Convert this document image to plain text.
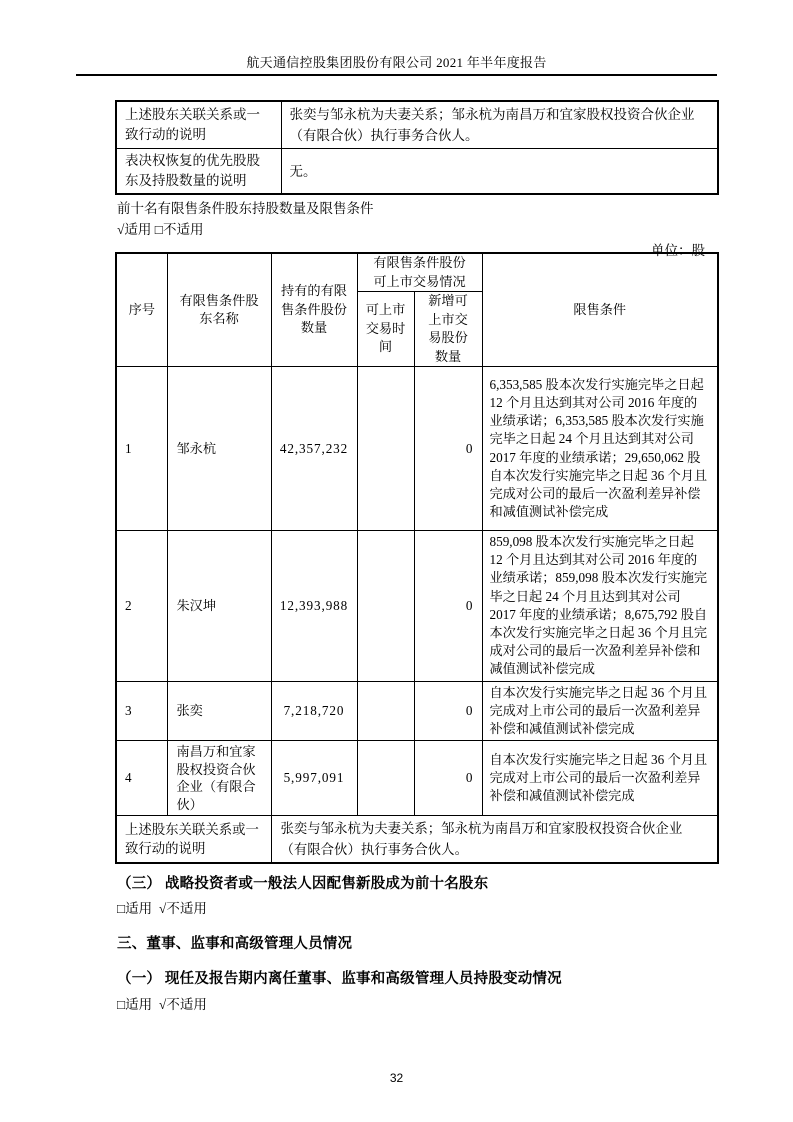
航天通信控股集团股份有限公司 2021 年半年度报告
上述股东关联关系或一致行动的说明	张奕与邹永杭为夫妻关系；邹永杭为南昌万和宜家股权投资合伙企业（有限合伙）执行事务合伙人。
表决权恢复的优先股股东及持股数量的说明	无。
前十名有限售条件股东持股数量及限售条件
√适用 □不适用
单位：股
序号	有限售条件股东名称	持有的有限售条件股份数量	有限售条件股份可上市交易情况		限售条件
			可上市交易时间	新增可上市交易股份数量	
1	邹永杭	42,357,232		0	6,353,585 股本次发行实施完毕之日起 12 个月且达到其对公司 2016 年度的业绩承诺；6,353,585 股本次发行实施完毕之日起 24 个月且达到其对公司 2017 年度的业绩承诺；29,650,062 股自本次发行实施完毕之日起 36 个月且完成对公司的最后一次盈利差异补偿和减值测试补偿完成
2	朱汉坤	12,393,988		0	859,098 股本次发行实施完毕之日起 12 个月且达到其对公司 2016 年度的业绩承诺；859,098 股本次发行实施完毕之日起 24 个月且达到其对公司 2017 年度的业绩承诺；8,675,792 股自本次发行实施完毕之日起 36 个月且完成对公司的最后一次盈利差异补偿和减值测试补偿完成
3	张奕	7,218,720		0	自本次发行实施完毕之日起 36 个月且完成对上市公司的最后一次盈利差异补偿和减值测试补偿完成
4	南昌万和宜家股权投资合伙企业（有限合伙）	5,997,091		0	自本次发行实施完毕之日起 36 个月且完成对上市公司的最后一次盈利差异补偿和减值测试补偿完成
上述股东关联关系或一致行动的说明		张奕与邹永杭为夫妻关系；邹永杭为南昌万和宜家股权投资合伙企业（有限合伙）执行事务合伙人。			
（三） 战略投资者或一般法人因配售新股成为前十名股东
□适用  √不适用
三、董事、监事和高级管理人员情况
（一） 现任及报告期内离任董事、监事和高级管理人员持股变动情况
□适用  √不适用
32
